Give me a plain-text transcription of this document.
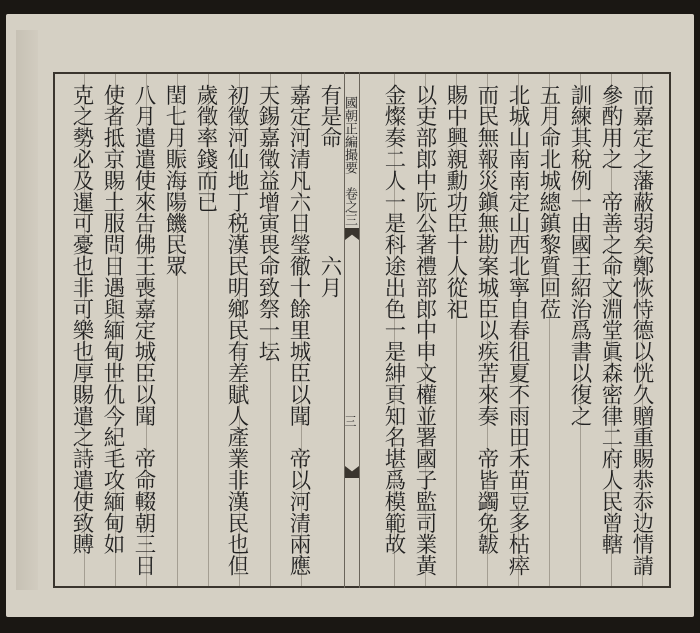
而嘉定之藩蔽弱矣鄭恢恃德以恍久贈重賜恭忝边情請
參酌用之　帝善之命文淵堂眞森密律二府人民曾轄
訓練其稅例一由國王紹治爲書以復之
五月命北城總鎮黎質回莅
北城山南南定山西北寧自春徂夏不雨田禾苗豆多枯瘁
而民無報災鎭無勘案城臣以疾苦來奏　帝皆蠲免韍
賜中興親勳功臣十人從祀
以吏部郎中阮公著禮部郎中申文權並署國子監司業黃
金燦奏二人一是科途出色一是紳頁知名堪爲模範故
有是命　　　　　六月
嘉定河清凡六日瑩徹十餘里城臣以聞　帝以河清兩應
天錫嘉徵益增寅畏命致祭一坛
初徵河仙地丁税漢民明鄉民有差賦人產業非漢民也但
歲徵率錢而已
閏七月賑海陽饑民眾
八月遣遣使來告佛王喪嘉定城臣以聞　帝命輟朝三日
使者抵京賜土服問日遇與緬甸世仇今紀毛攻緬甸如
克之勢必及暹可憂也非可樂也厚賜遣之詩遣使致賻	國朝正編撮要　卷之三
三
